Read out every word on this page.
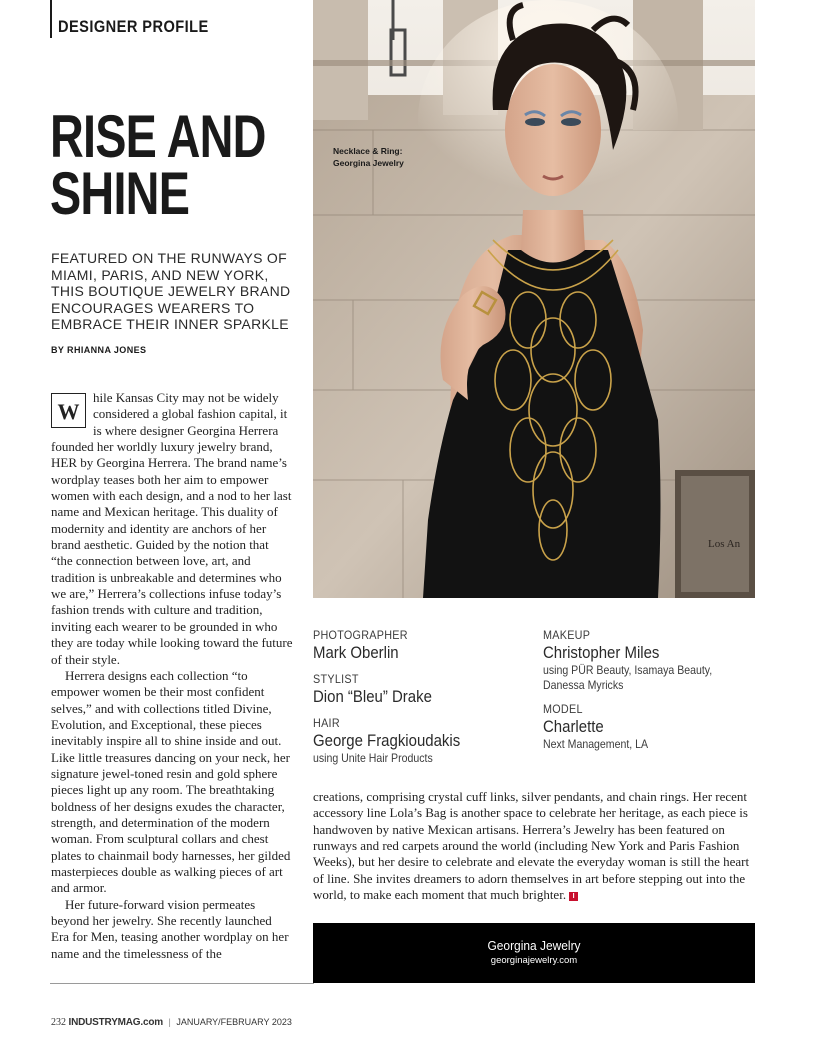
DESIGNER PROFILE
RISE AND
SHINE
FEATURED ON THE RUNWAYS OF MIAMI, PARIS, AND NEW YORK, THIS BOUTIQUE JEWELRY BRAND ENCOURAGES WEARERS TO EMBRACE THEIR INNER SPARKLE
BY RHIANNA JONES

W
hile Kansas City may not be widely considered a global fashion capital, it is where designer Georgina Herrera founded her worldly luxury jewelry brand, HER by Georgina Herrera. The brand name’s wordplay teases both her aim to empower women with each design, and a nod to her last name and Mexican heritage. This duality of modernity and identity are anchors of her brand aesthetic. Guided by the notion that “the connection between love, art, and tradition is unbreakable and determines who we are,” Herrera’s collections infuse today’s fashion trends with culture and tradition, inviting each wearer to be grounded in who they are today while looking toward the future of their style.

Herrera designs each collection “to empower women be their most confident selves,” and with collections titled Divine, Evolution, and Exceptional, these pieces inevitably inspire all to shine inside and out. Like little treasures dancing on your neck, her signature jewel-toned resin and gold sphere pieces light up any room. The breathtaking boldness of her designs exudes the character, strength, and determination of the modern woman. From sculptural collars and chest plates to chainmail body harnesses, her gilded masterpieces double as walking pieces of art and armor.

Her future-forward vision permeates beyond her jewelry. She recently launched Era for Men, teasing another wordplay on her name and the timelessness of the

Los An
Necklace & Ring:
Georgina Jewelry
PHOTOGRAPHER
Mark Oberlin
STYLIST
Dion “Bleu” Drake
HAIR
George Fragkioudakis
using Unite Hair Products
MAKEUP
Christopher Miles
using PÜR Beauty, Isamaya Beauty,
Danessa Myricks
MODEL
Charlette
Next Management, LA
creations, comprising crystal cuff links, silver pendants, and chain rings. Her recent accessory line Lola’s Bag is another space to celebrate her heritage, as each piece is handwoven by native Mexican artisans. Herrera’s Jewelry has been featured on runways and red carpets around the world (including New York and Paris Fashion Weeks), but her desire to celebrate and elevate the everyday woman is still the heart of line. She invites dreamers to adorn themselves in art before stepping out into the world, to make each moment that much brighter. I
Georgina Jewelry
georginajewelry.com
232 INDUSTRYMAG.com | JANUARY/FEBRUARY 2023
